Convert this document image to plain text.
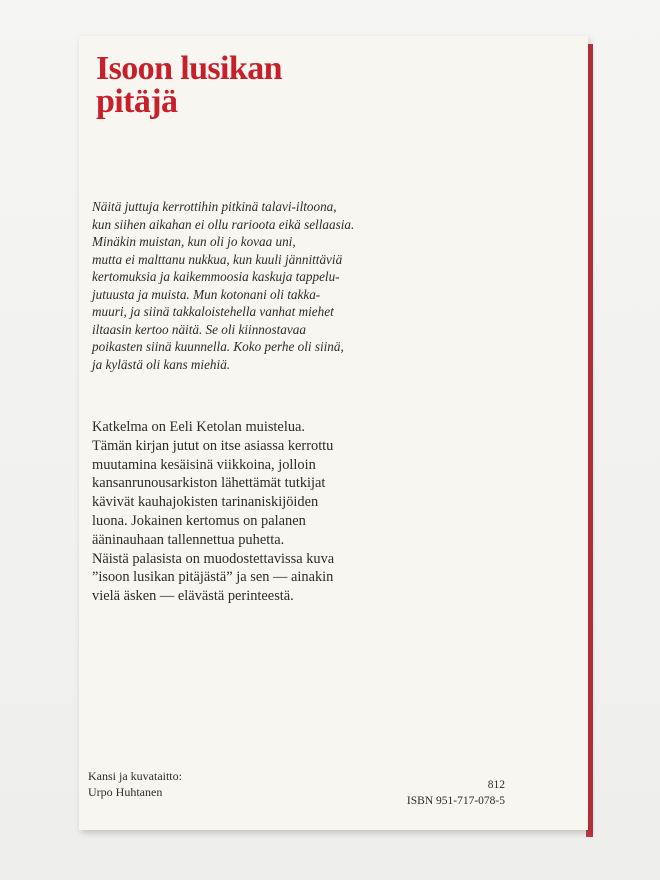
Isoon lusikan
pitäjä
Näitä juttuja kerrottihin pitkinä talavi-iltoona,
kun siihen aikahan ei ollu rarioota eikä sellaasia.
Minäkin muistan, kun oli jo kovaa uni,
mutta ei malttanu nukkua, kun kuuli jännittäviä
kertomuksia ja kaikemmoosia kaskuja tappelu-
jutuusta ja muista. Mun kotonani oli takka-
muuri, ja siinä takkaloistehella vanhat miehet
iltaasin kertoo näitä. Se oli kiinnostavaa
poikasten siinä kuunnella. Koko perhe oli siinä,
ja kylästä oli kans miehiä.
Katkelma on Eeli Ketolan muistelua.
Tämän kirjan jutut on itse asiassa kerrottu
muutamina kesäisinä viikkoina, jolloin
kansanrunousarkiston lähettämät tutkijat
kävivät kauhajokisten tarinaniskijöiden
luona. Jokainen kertomus on palanen
ääninauhaan tallennettua puhetta.
Näistä palasista on muodostettavissa kuva
”isoon lusikan pitäjästä” ja sen — ainakin
vielä äsken — elävästä perinteestä.
Kansi ja kuvataitto:
Urpo Huhtanen	812
ISBN 951-717-078-5
